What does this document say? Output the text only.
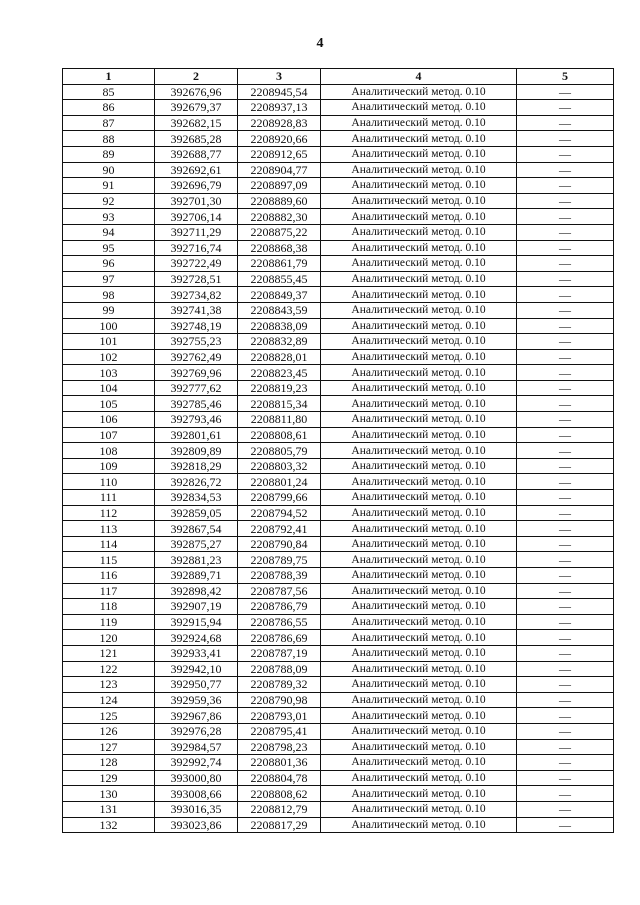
4
1	2	3	4	5
85	392676,96	2208945,54	Аналитический метод. 0.10	—
86	392679,37	2208937,13	Аналитический метод. 0.10	—
87	392682,15	2208928,83	Аналитический метод. 0.10	—
88	392685,28	2208920,66	Аналитический метод. 0.10	—
89	392688,77	2208912,65	Аналитический метод. 0.10	—
90	392692,61	2208904,77	Аналитический метод. 0.10	—
91	392696,79	2208897,09	Аналитический метод. 0.10	—
92	392701,30	2208889,60	Аналитический метод. 0.10	—
93	392706,14	2208882,30	Аналитический метод. 0.10	—
94	392711,29	2208875,22	Аналитический метод. 0.10	—
95	392716,74	2208868,38	Аналитический метод. 0.10	—
96	392722,49	2208861,79	Аналитический метод. 0.10	—
97	392728,51	2208855,45	Аналитический метод. 0.10	—
98	392734,82	2208849,37	Аналитический метод. 0.10	—
99	392741,38	2208843,59	Аналитический метод. 0.10	—
100	392748,19	2208838,09	Аналитический метод. 0.10	—
101	392755,23	2208832,89	Аналитический метод. 0.10	—
102	392762,49	2208828,01	Аналитический метод. 0.10	—
103	392769,96	2208823,45	Аналитический метод. 0.10	—
104	392777,62	2208819,23	Аналитический метод. 0.10	—
105	392785,46	2208815,34	Аналитический метод. 0.10	—
106	392793,46	2208811,80	Аналитический метод. 0.10	—
107	392801,61	2208808,61	Аналитический метод. 0.10	—
108	392809,89	2208805,79	Аналитический метод. 0.10	—
109	392818,29	2208803,32	Аналитический метод. 0.10	—
110	392826,72	2208801,24	Аналитический метод. 0.10	—
111	392834,53	2208799,66	Аналитический метод. 0.10	—
112	392859,05	2208794,52	Аналитический метод. 0.10	—
113	392867,54	2208792,41	Аналитический метод. 0.10	—
114	392875,27	2208790,84	Аналитический метод. 0.10	—
115	392881,23	2208789,75	Аналитический метод. 0.10	—
116	392889,71	2208788,39	Аналитический метод. 0.10	—
117	392898,42	2208787,56	Аналитический метод. 0.10	—
118	392907,19	2208786,79	Аналитический метод. 0.10	—
119	392915,94	2208786,55	Аналитический метод. 0.10	—
120	392924,68	2208786,69	Аналитический метод. 0.10	—
121	392933,41	2208787,19	Аналитический метод. 0.10	—
122	392942,10	2208788,09	Аналитический метод. 0.10	—
123	392950,77	2208789,32	Аналитический метод. 0.10	—
124	392959,36	2208790,98	Аналитический метод. 0.10	—
125	392967,86	2208793,01	Аналитический метод. 0.10	—
126	392976,28	2208795,41	Аналитический метод. 0.10	—
127	392984,57	2208798,23	Аналитический метод. 0.10	—
128	392992,74	2208801,36	Аналитический метод. 0.10	—
129	393000,80	2208804,78	Аналитический метод. 0.10	—
130	393008,66	2208808,62	Аналитический метод. 0.10	—
131	393016,35	2208812,79	Аналитический метод. 0.10	—
132	393023,86	2208817,29	Аналитический метод. 0.10	—
